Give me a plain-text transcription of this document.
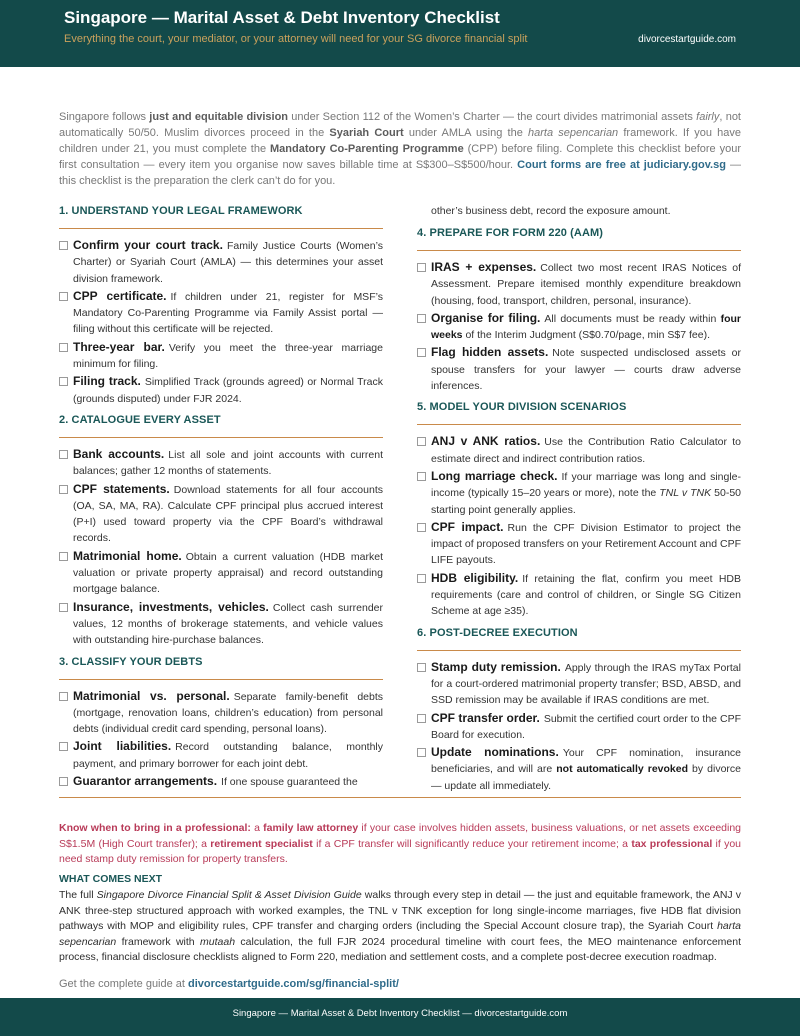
Singapore — Marital Asset & Debt Inventory Checklist
Everything the court, your mediator, or your attorney will need for your SG divorce financial split	divorcestartguide.com
Singapore follows just and equitable division under Section 112 of the Women’s Charter — the court divides matrimonial assets fairly, not automatically 50/50. Muslim divorces proceed in the Syariah Court under AMLA using the harta sepencarian framework. If you have children under 21, you must complete the Mandatory Co-Parenting Programme (CPP) before filing. Complete this checklist before your first consultation — every item you organise now saves billable time at S$300–S$500/hour. Court forms are free at judiciary.gov.sg — this checklist is the preparation the clerk can’t do for you.
1. UNDERSTAND YOUR LEGAL FRAMEWORK
Confirm your court track. Family Justice Courts (Women’s Charter) or Syariah Court (AMLA) — this determines your asset division framework.
CPP certificate. If children under 21, register for MSF’s Mandatory Co-Parenting Programme via Family Assist portal — filing without this certificate will be rejected.
Three-year bar. Verify you meet the three-year marriage minimum for filing.
Filing track. Simplified Track (grounds agreed) or Normal Track (grounds disputed) under FJR 2024.
2. CATALOGUE EVERY ASSET
Bank accounts. List all sole and joint accounts with current balances; gather 12 months of statements.
CPF statements. Download statements for all four accounts (OA, SA, MA, RA). Calculate CPF principal plus accrued interest (P+I) used toward property via the CPF Board’s withdrawal records.
Matrimonial home. Obtain a current valuation (HDB market valuation or private property appraisal) and record outstanding mortgage balance.
Insurance, investments, vehicles. Collect cash surrender values, 12 months of brokerage statements, and vehicle values with outstanding hire-purchase balances.
3. CLASSIFY YOUR DEBTS
Matrimonial vs. personal. Separate family-benefit debts (mortgage, renovation loans, children’s education) from personal debts (individual credit card spending, personal loans).
Joint liabilities. Record outstanding balance, monthly payment, and primary borrower for each joint debt.
Guarantor arrangements. If one spouse guaranteed the
other’s business debt, record the exposure amount.
4. PREPARE FOR FORM 220 (AAM)
IRAS + expenses. Collect two most recent IRAS Notices of Assessment. Prepare itemised monthly expenditure breakdown (housing, food, transport, children, personal, insurance).
Organise for filing. All documents must be ready within four weeks of the Interim Judgment (S$0.70/page, min S$7 fee).
Flag hidden assets. Note suspected undisclosed assets or spouse transfers for your lawyer — courts draw adverse inferences.
5. MODEL YOUR DIVISION SCENARIOS
ANJ v ANK ratios. Use the Contribution Ratio Calculator to estimate direct and indirect contribution ratios.
Long marriage check. If your marriage was long and single-income (typically 15–20 years or more), note the TNL v TNK 50-50 starting point generally applies.
CPF impact. Run the CPF Division Estimator to project the impact of proposed transfers on your Retirement Account and CPF LIFE payouts.
HDB eligibility. If retaining the flat, confirm you meet HDB requirements (care and control of children, or Single SG Citizen Scheme at age ≥35).
6. POST-DECREE EXECUTION
Stamp duty remission. Apply through the IRAS myTax Portal for a court-ordered matrimonial property transfer; BSD, ABSD, and SSD remission may be available if IRAS conditions are met.
CPF transfer order. Submit the certified court order to the CPF Board for execution.
Update nominations. Your CPF nomination, insurance beneficiaries, and will are not automatically revoked by divorce — update all immediately.
Know when to bring in a professional: a family law attorney if your case involves hidden assets, business valuations, or net assets exceeding S$1.5M (High Court transfer); a retirement specialist if a CPF transfer will significantly reduce your retirement income; a tax professional if you need stamp duty remission for property transfers.
WHAT COMES NEXT
The full Singapore Divorce Financial Split & Asset Division Guide walks through every step in detail — the just and equitable framework, the ANJ v ANK three-step structured approach with worked examples, the TNL v TNK exception for long single-income marriages, five HDB flat division pathways with MOP and eligibility rules, CPF transfer and charging orders (including the Special Account closure trap), the Syariah Court harta sepencarian framework with mutaah calculation, the full FJR 2024 procedural timeline with court fees, the MEO maintenance enforcement process, financial disclosure checklists aligned to Form 220, mediation and settlement costs, and a complete post-decree execution roadmap.
Get the complete guide at divorcestartguide.com/sg/financial-split/
Singapore — Marital Asset & Debt Inventory Checklist — divorcestartguide.com
